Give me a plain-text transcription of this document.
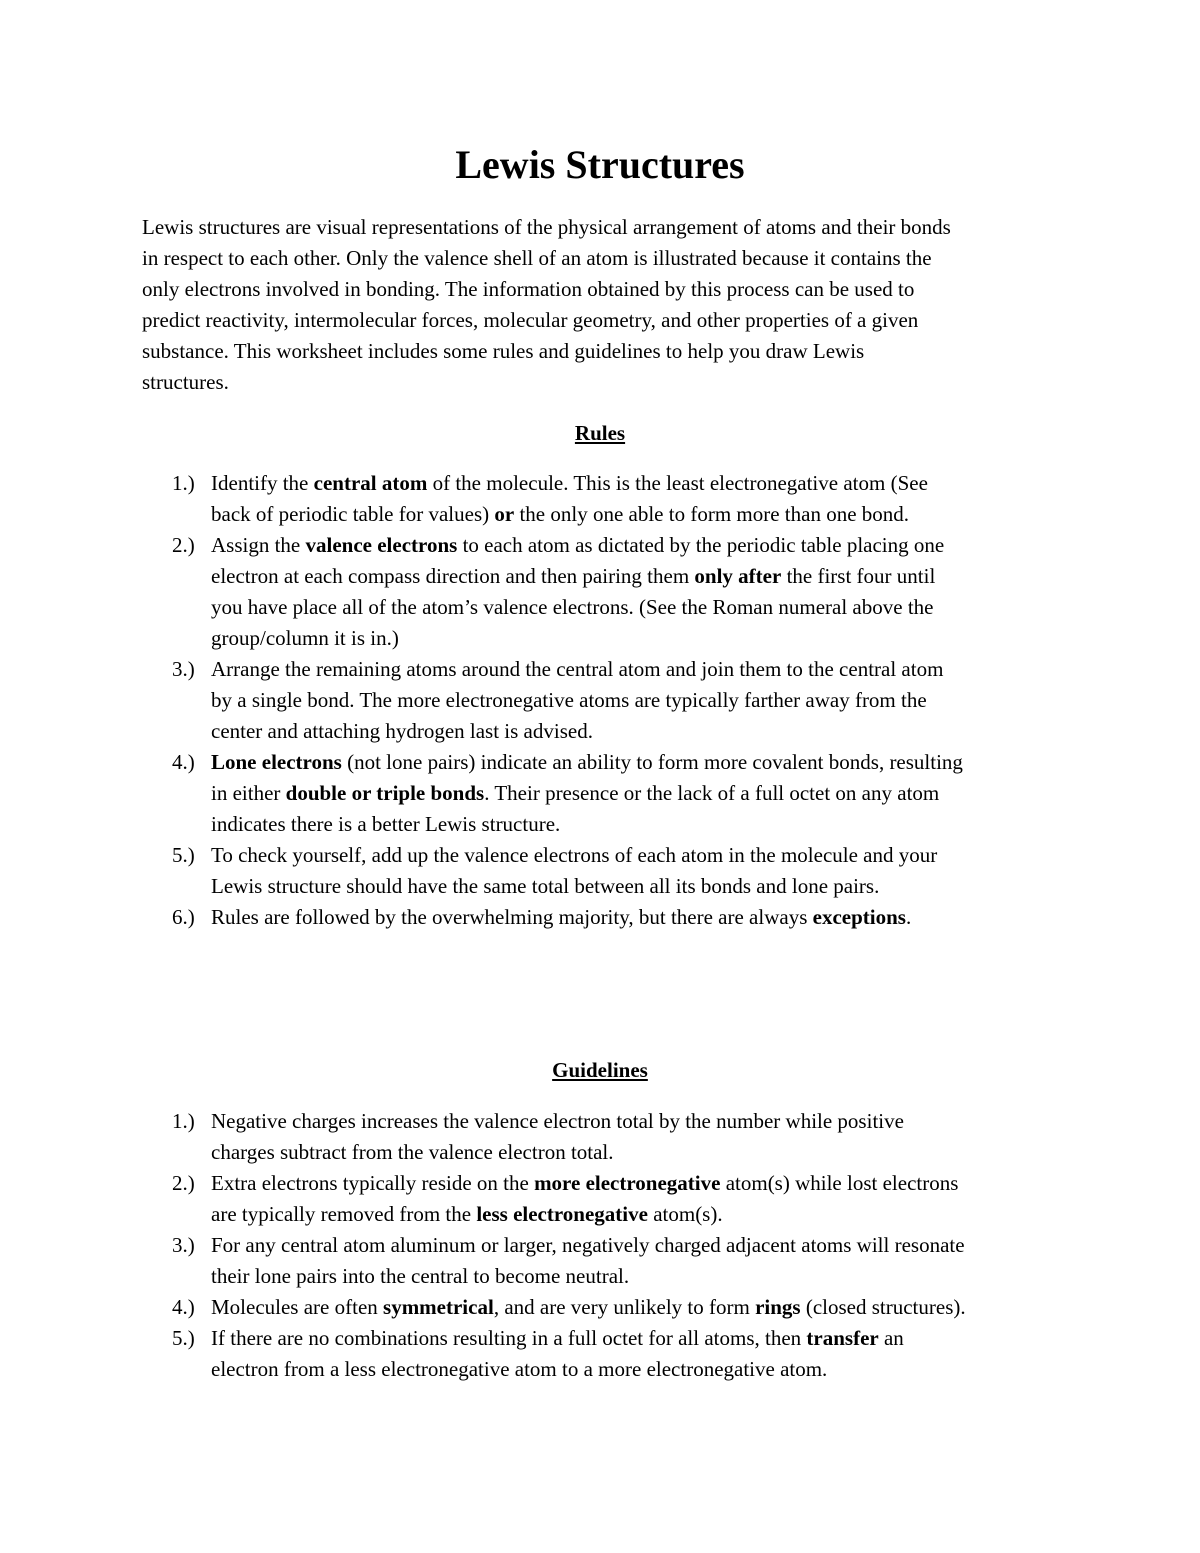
Lewis Structures

Lewis structures are visual representations of the physical arrangement of atoms and their bonds
in respect to each other. Only the valence shell of an atom is illustrated because it contains the
only electrons involved in bonding. The information obtained by this process can be used to
predict reactivity, intermolecular forces, molecular geometry, and other properties of a given
substance. This worksheet includes some rules and guidelines to help you draw Lewis
structures.

Rules
1.) Identify the central atom of the molecule. This is the least electronegative atom (See
back of periodic table for values) or the only one able to form more than one bond.
2.) Assign the valence electrons to each atom as dictated by the periodic table placing one
electron at each compass direction and then pairing them only after the first four until
you have place all of the atom’s valence electrons. (See the Roman numeral above the
group/column it is in.)
3.) Arrange the remaining atoms around the central atom and join them to the central atom
by a single bond. The more electronegative atoms are typically farther away from the
center and attaching hydrogen last is advised.
4.) Lone electrons (not lone pairs) indicate an ability to form more covalent bonds, resulting
in either double or triple bonds. Their presence or the lack of a full octet on any atom
indicates there is a better Lewis structure.
5.) To check yourself, add up the valence electrons of each atom in the molecule and your
Lewis structure should have the same total between all its bonds and lone pairs.
6.) Rules are followed by the overwhelming majority, but there are always exceptions.
Guidelines
1.) Negative charges increases the valence electron total by the number while positive
charges subtract from the valence electron total.
2.) Extra electrons typically reside on the more electronegative atom(s) while lost electrons
are typically removed from the less electronegative atom(s).
3.) For any central atom aluminum or larger, negatively charged adjacent atoms will resonate
their lone pairs into the central to become neutral.
4.) Molecules are often symmetrical, and are very unlikely to form rings (closed structures).
5.) If there are no combinations resulting in a full octet for all atoms, then transfer an
electron from a less electronegative atom to a more electronegative atom.
